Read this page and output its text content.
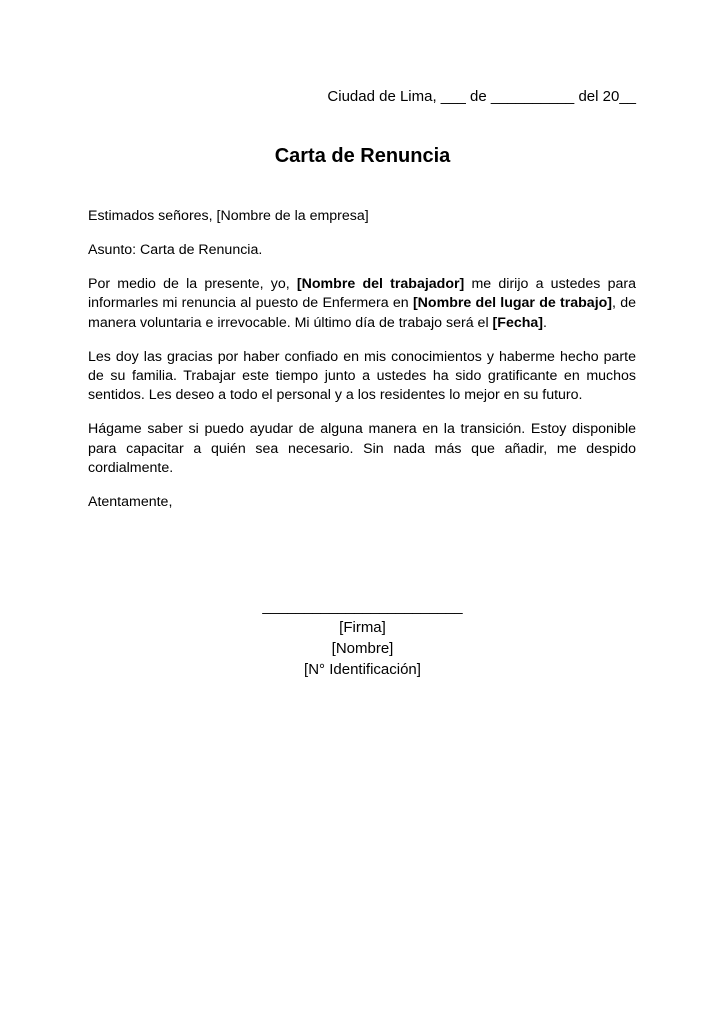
Ciudad de Lima, ___ de __________ del 20__
Carta de Renuncia

Estimados señores, [Nombre de la empresa]

Asunto: Carta de Renuncia.

Por medio de la presente, yo, [Nombre del trabajador] me dirijo a ustedes para informarles mi renuncia al puesto de Enfermera en [Nombre del lugar de trabajo], de manera voluntaria e irrevocable. Mi último día de trabajo será el [Fecha].

Les doy las gracias por haber confiado en mis conocimientos y haberme hecho parte de su familia. Trabajar este tiempo junto a ustedes ha sido gratificante en muchos sentidos. Les deseo a todo el personal y a los residentes lo mejor en su futuro.

Hágame saber si puedo ayudar de alguna manera en la transición. Estoy disponible para capacitar a quién sea necesario. Sin nada más que añadir, me despido cordialmente.

Atentamente,

________________________
[Firma]
[Nombre]
[N° Identificación]
